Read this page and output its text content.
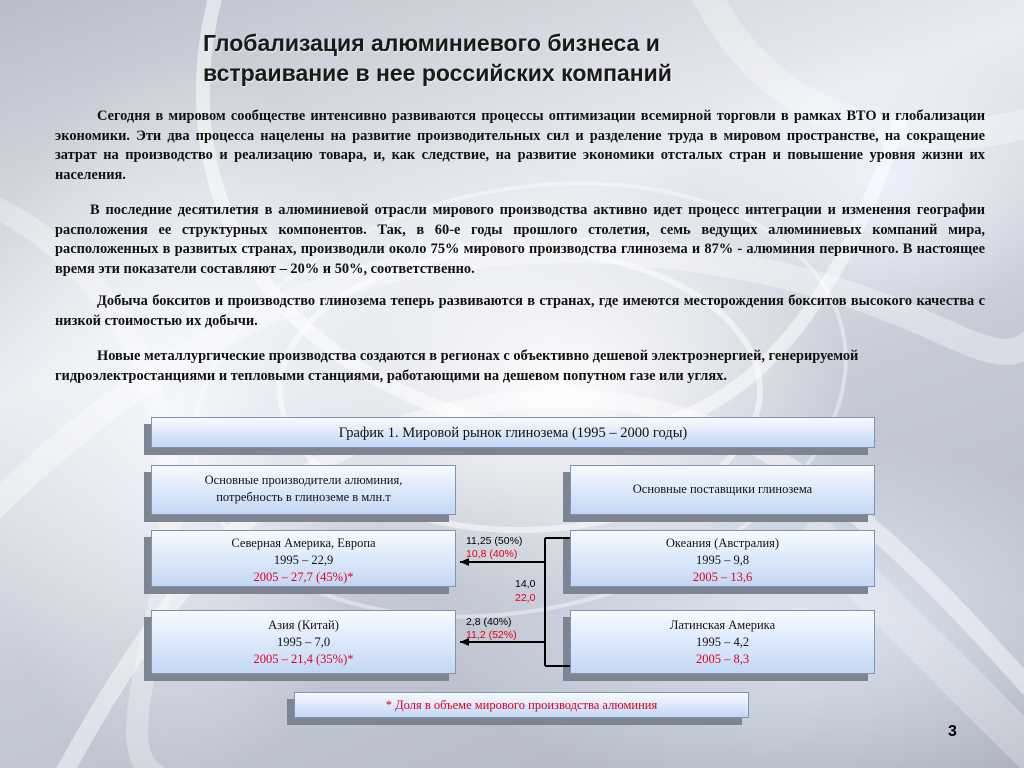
Глобализация алюминиевого бизнеса и
встраивание в нее российских компаний
Сегодня в мировом сообществе интенсивно развиваются процессы оптимизации всемирной торговли в рамках ВТО и глобализации экономики. Эти два процесса нацелены на развитие производительных сил и разделение труда в мировом пространстве, на сокращение затрат на производство и реализацию товара, и, как следствие, на развитие экономики отсталых стран и повышение уровня жизни их населения.
В последние десятилетия в алюминиевой отрасли мирового производства активно идет процесс интеграции и изменения географии расположения ее структурных компонентов. Так, в 60-е годы прошлого столетия, семь ведущих алюминиевых компаний мира, расположенных в развитых странах, производили около 75% мирового производства глинозема и 87% - алюминия первичного. В настоящее время эти показатели составляют – 20% и 50%, соответственно.
Добыча бокситов и производство глинозема теперь развиваются в странах, где имеются месторождения бокситов высокого качества с низкой стоимостью их добычи.
Новые металлургические производства создаются в регионах с объективно дешевой электроэнергией, генерируемой гидроэлектростанциями и тепловыми станциями, работающими на дешевом попутном газе или углях.
График 1. Мировой рынок глинозема (1995 – 2000 годы)
Основные производители алюминия,
потребность в глиноземе в млн.т
Основные поставщики глинозема
Северная Америка, Европа
1995 – 22,9
2005 – 27,7 (45%)*
Азия (Китай)
1995 – 7,0
2005 – 21,4 (35%)*
Океания (Австралия)
1995 – 9,8
2005 – 13,6
Латинская Америка
1995 – 4,2
2005 – 8,3
11,25 (50%)
10,8 (40%)
14,0
22,0
2,8 (40%)
11,2 (52%)
* Доля в объеме мирового производства алюминия
3
